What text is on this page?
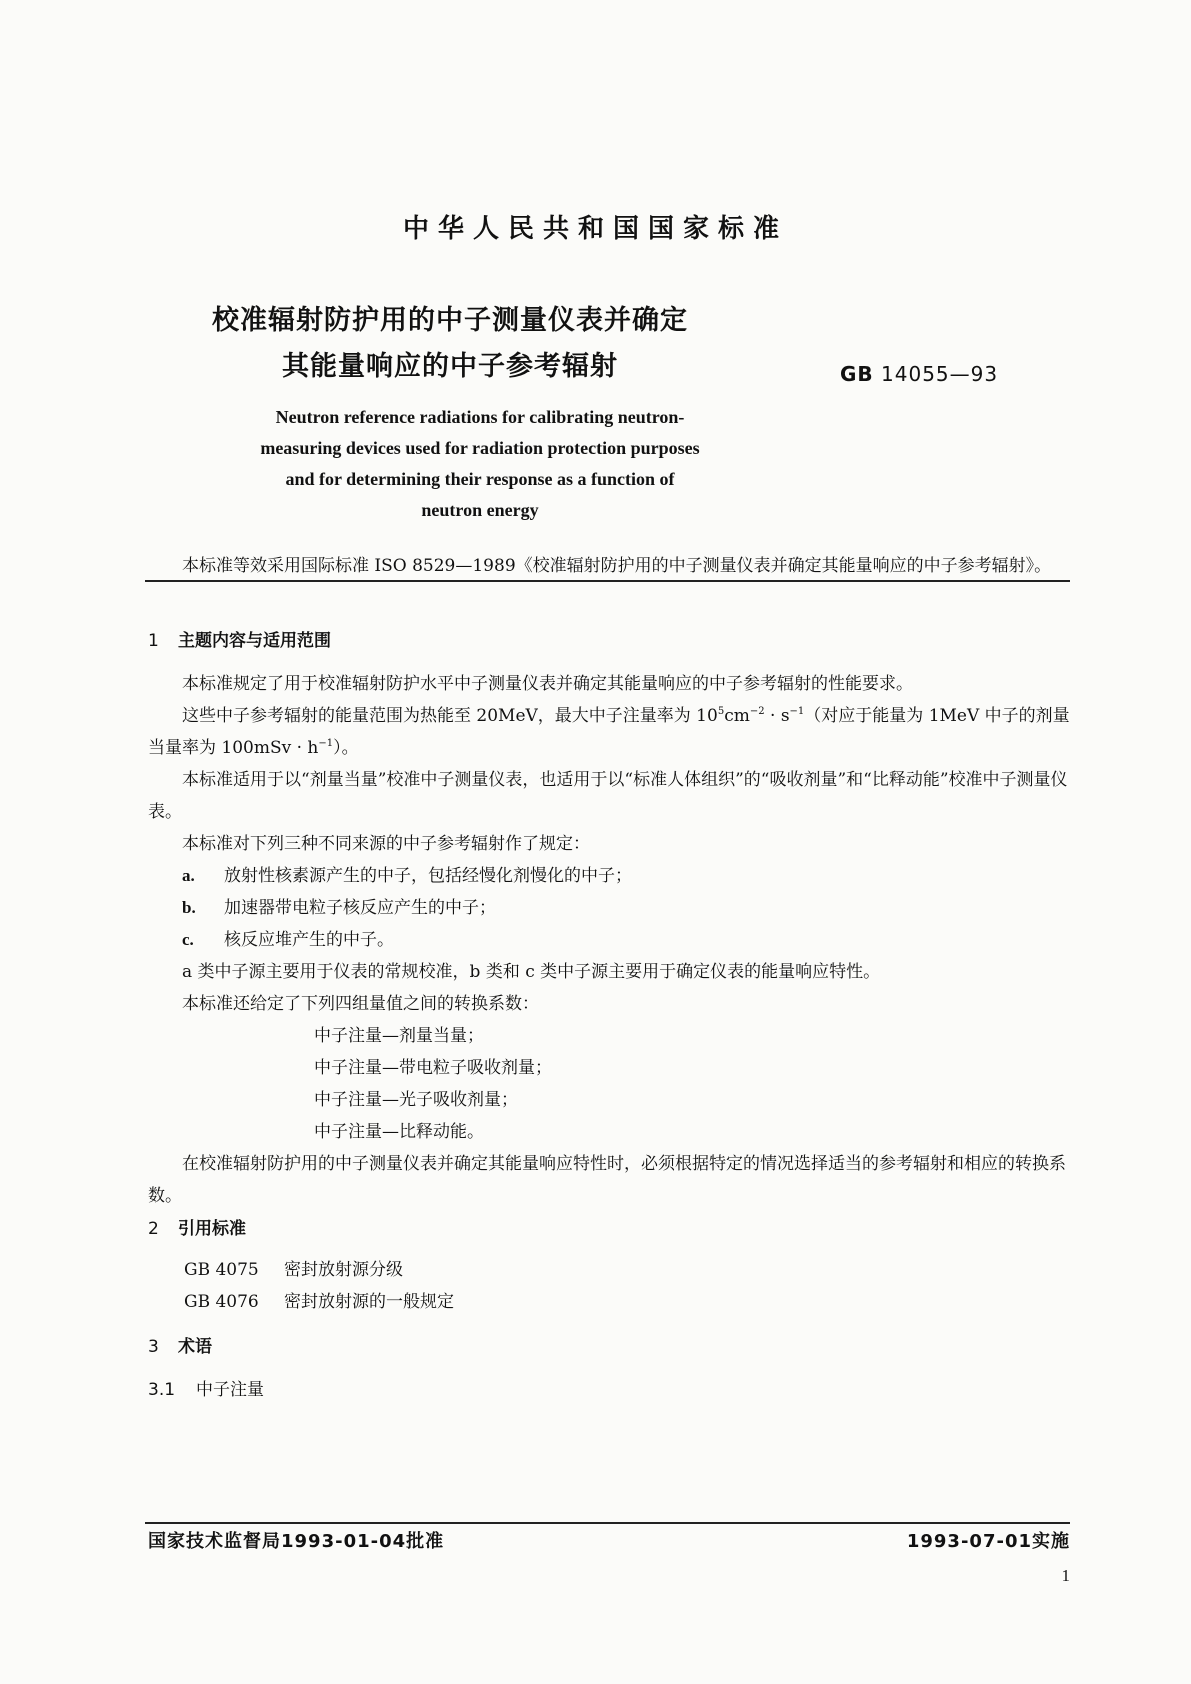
中华人民共和国国家标准
校准辐射防护用的中子测量仪表并确定
其能量响应的中子参考辐射	GB 14055—93
Neutron reference radiations for calibrating neutron-
measuring devices used for radiation protection purposes
and for determining their response as a function of
neutron energy

本标准等效采用国际标准 ISO 8529—1989《校准辐射防护用的中子测量仪表并确定其能量响应的中子参考辐射》。

1 主题内容与适用范围

本标准规定了用于校准辐射防护水平中子测量仪表并确定其能量响应的中子参考辐射的性能要求。

这些中子参考辐射的能量范围为热能至 20MeV，最大中子注量率为 $10^5cm^{-2} \cdot s^{-1}$（对应于能量为 1MeV 中子的剂量当量率为 $100mSv \cdot h^{-1}$）。

本标准适用于以“剂量当量”校准中子测量仪表，也适用于以“标准人体组织”的“吸收剂量”和“比释动能”校准中子测量仪表。

本标准对下列三种不同来源的中子参考辐射作了规定：

a. 放射性核素源产生的中子，包括经慢化剂慢化的中子；

b. 加速器带电粒子核反应产生的中子；

c. 核反应堆产生的中子。

a 类中子源主要用于仪表的常规校准，b 类和 c 类中子源主要用于确定仪表的能量响应特性。

本标准还给定了下列四组量值之间的转换系数：

中子注量—剂量当量；

中子注量—带电粒子吸收剂量；

中子注量—光子吸收剂量；

中子注量—比释动能。

在校准辐射防护用的中子测量仪表并确定其能量响应特性时，必须根据特定的情况选择适当的参考辐射和相应的转换系数。

2 引用标准

GB 4075 密封放射源分级

GB 4076 密封放射源的一般规定

3 术语

3.1 中子注量

国家技术监督局1993-01-04批准	1993-07-01实施
1
